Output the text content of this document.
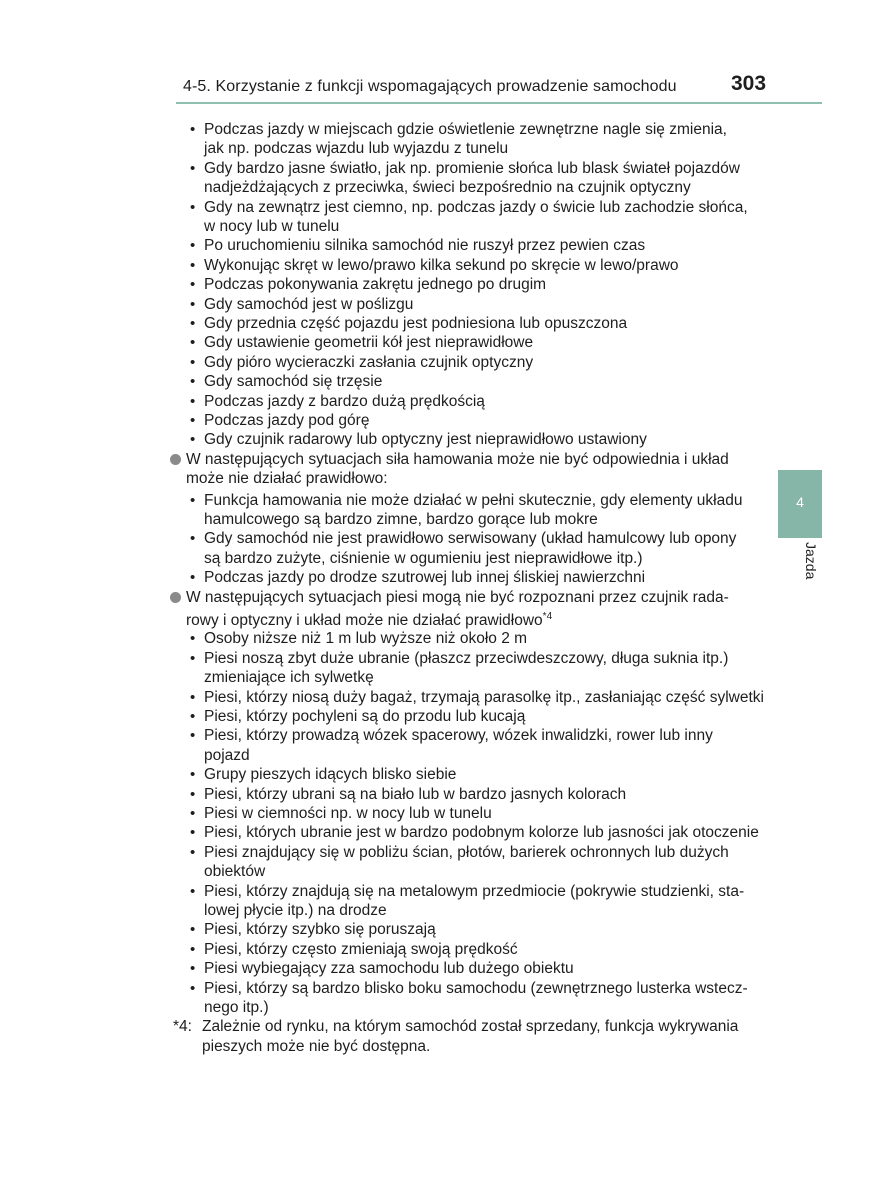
4-5. Korzystanie z funkcji wspomagających prowadzenie samochodu	303
4
Jazda
• Podczas jazdy w miejscach gdzie oświetlenie zewnętrzne nagle się zmienia,
jak np. podczas wjazdu lub wyjazdu z tunelu
• Gdy bardzo jasne światło, jak np. promienie słońca lub blask świateł pojazdów
nadjeżdżających z przeciwka, świeci bezpośrednio na czujnik optyczny
• Gdy na zewnątrz jest ciemno, np. podczas jazdy o świcie lub zachodzie słońca,
w nocy lub w tunelu
• Po uruchomieniu silnika samochód nie ruszył przez pewien czas
• Wykonując skręt w lewo/prawo kilka sekund po skręcie w lewo/prawo
• Podczas pokonywania zakrętu jednego po drugim
• Gdy samochód jest w poślizgu
• Gdy przednia część pojazdu jest podniesiona lub opuszczona
• Gdy ustawienie geometrii kół jest nieprawidłowe
• Gdy pióro wycieraczki zasłania czujnik optyczny
• Gdy samochód się trzęsie
• Podczas jazdy z bardzo dużą prędkością
• Podczas jazdy pod górę
• Gdy czujnik radarowy lub optyczny jest nieprawidłowo ustawiony
W następujących sytuacjach siła hamowania może nie być odpowiednia i układ
może nie działać prawidłowo:
• Funkcja hamowania nie może działać w pełni skutecznie, gdy elementy układu
hamulcowego są bardzo zimne, bardzo gorące lub mokre
• Gdy samochód nie jest prawidłowo serwisowany (układ hamulcowy lub opony
są bardzo zużyte, ciśnienie w ogumieniu jest nieprawidłowe itp.)
• Podczas jazdy po drodze szutrowej lub innej śliskiej nawierzchni
W następujących sytuacjach piesi mogą nie być rozpoznani przez czujnik rada-
rowy i optyczny i układ może nie działać prawidłowo$^{*4}$
• Osoby niższe niż 1 m lub wyższe niż około 2 m
• Piesi noszą zbyt duże ubranie (płaszcz przeciwdeszczowy, długa suknia itp.)
zmieniające ich sylwetkę
• Piesi, którzy niosą duży bagaż, trzymają parasolkę itp., zasłaniając część sylwetki
• Piesi, którzy pochyleni są do przodu lub kucają
• Piesi, którzy prowadzą wózek spacerowy, wózek inwalidzki, rower lub inny
pojazd
• Grupy pieszych idących blisko siebie
• Piesi, którzy ubrani są na biało lub w bardzo jasnych kolorach
• Piesi w ciemności np. w nocy lub w tunelu
• Piesi, których ubranie jest w bardzo podobnym kolorze lub jasności jak otoczenie
• Piesi znajdujący się w pobliżu ścian, płotów, barierek ochronnych lub dużych
obiektów
• Piesi, którzy znajdują się na metalowym przedmiocie (pokrywie studzienki, sta-
lowej płycie itp.) na drodze
• Piesi, którzy szybko się poruszają
• Piesi, którzy często zmieniają swoją prędkość
• Piesi wybiegający zza samochodu lub dużego obiektu
• Piesi, którzy są bardzo blisko boku samochodu (zewnętrznego lusterka wstecz-
nego itp.)
*4: Zależnie od rynku, na którym samochód został sprzedany, funkcja wykrywania
pieszych może nie być dostępna.
